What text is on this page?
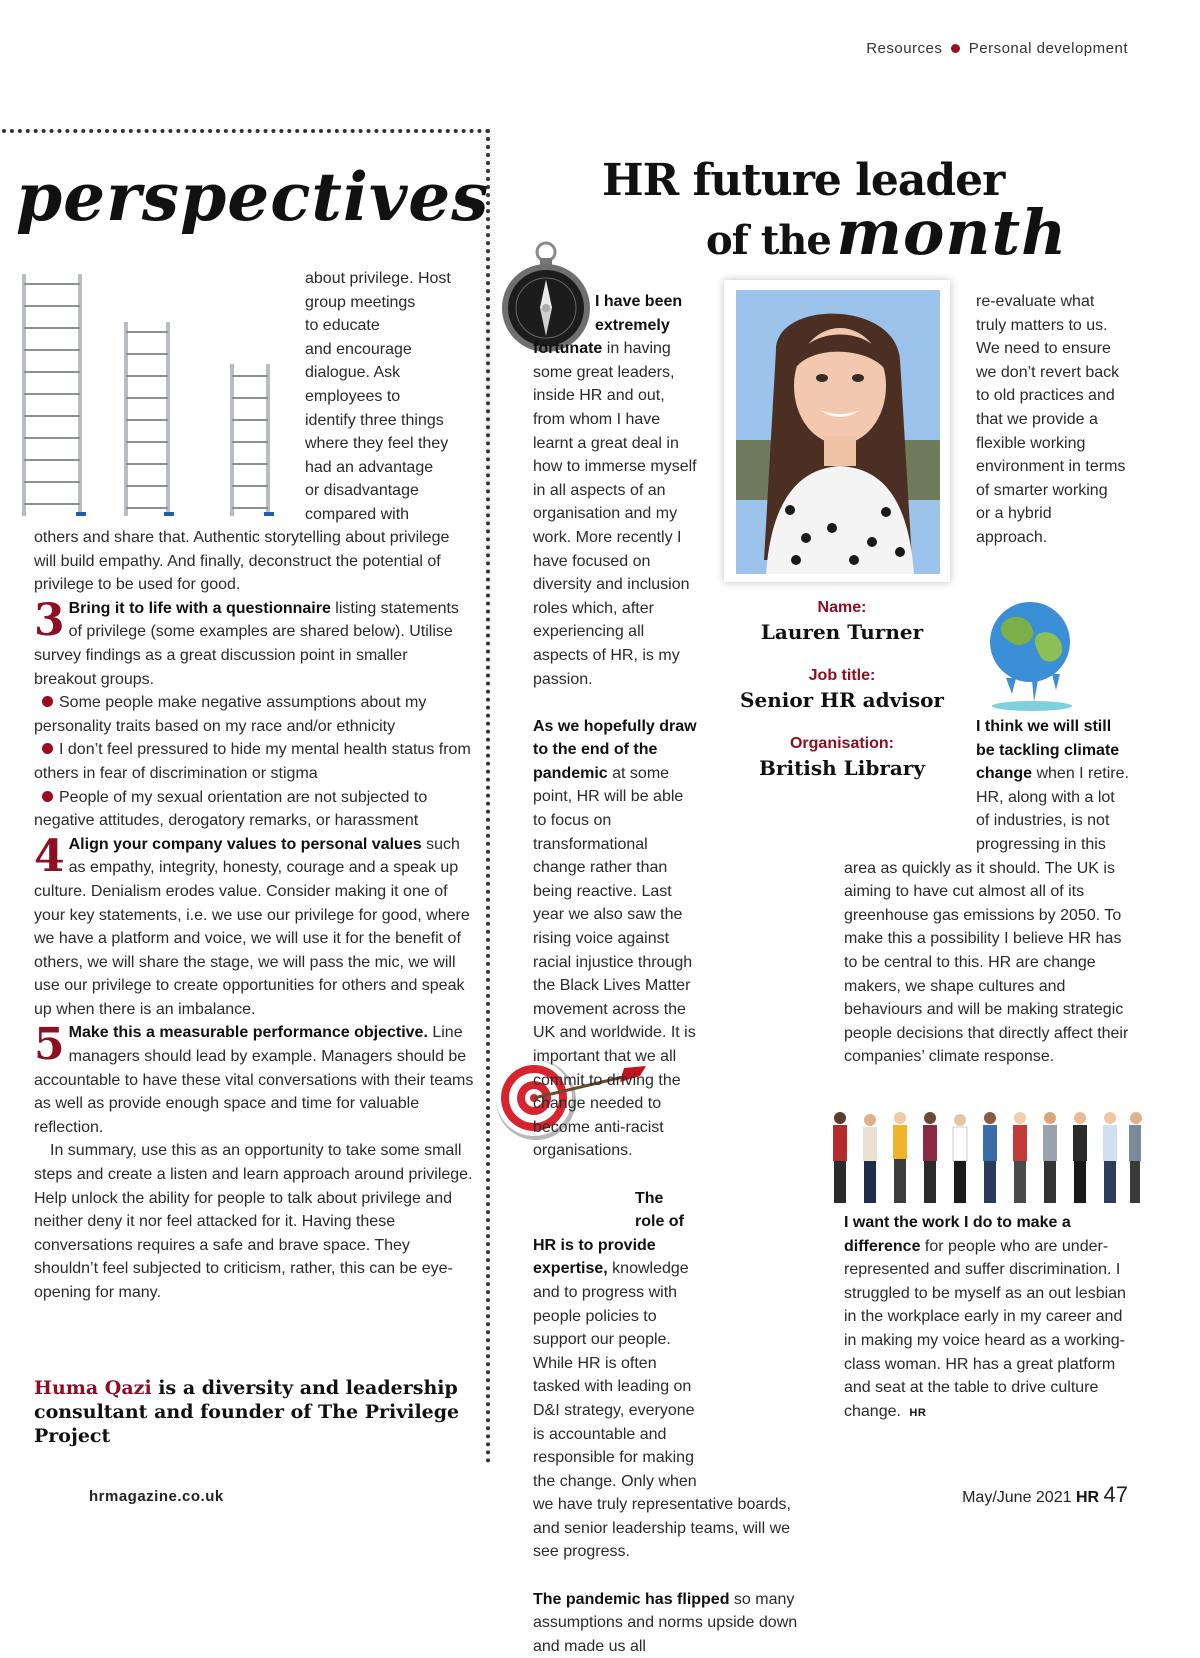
Resources Personal development
perspectives
about privilege. Host
group meetings
to educate
and encourage
dialogue. Ask
employees to
identify three things
where they feel they
had an advantage
or disadvantage
compared with

others and share that. Authentic storytelling about privilege will build empathy. And finally, deconstruct the potential of privilege to be used for good.

3 Bring it to life with a questionnaire listing statements of privilege (some examples are shared below). Utilise survey findings as a great discussion point in smaller breakout groups.

Some people make negative assumptions about my personality traits based on my race and/or ethnicity

I don’t feel pressured to hide my mental health status from others in fear of discrimination or stigma

People of my sexual orientation are not subjected to negative attitudes, derogatory remarks, or harassment

4 Align your company values to personal values such as empathy, integrity, honesty, courage and a speak up culture. Denialism erodes value. Consider making it one of your key statements, i.e. we use our privilege for good, where we have a platform and voice, we will use it for the benefit of others, we will share the stage, we will pass the mic, we will use our privilege to create opportunities for others and speak up when there is an imbalance.

5 Make this a measurable performance objective. Line managers should lead by example. Managers should be accountable to have these vital conversations with their teams as well as provide enough space and time for valuable reflection.

In summary, use this as an opportunity to take some small steps and create a listen and learn approach around privilege. Help unlock the ability for people to talk about privilege and neither deny it nor feel attacked for it. Having these conversations requires a safe and brave space. They shouldn’t feel subjected to criticism, rather, this can be eye-opening for many.

Huma Qazi is a diversity and leadership consultant and founder of The Privilege Project
HR future leader
of the month

I have been extremely fortunate in having some great leaders, inside HR and out, from whom I have learnt a great deal in how to immerse myself in all aspects of an organisation and my work. More recently I have focused on diversity and inclusion roles which, after experiencing all aspects of HR, is my passion.

As we hopefully draw to the end of the pandemic at some point, HR will be able to focus on transformational change rather than being reactive. Last year we also saw the rising voice against racial injustice through the Black Lives Matter movement across the UK and worldwide. It is important that we all commit to driving the change needed to become anti-racist organisations.

The role of HR is to provide expertise, knowledge and to progress with people policies to support our people. While HR is often tasked with leading on D&I strategy, everyone is accountable and responsible for making the change. Only when we have truly representative boards, and senior leadership teams, will we see progress.

The pandemic has flipped so many assumptions and norms upside down and made us all

Name:
Lauren Turner
Job title:
Senior HR advisor
Organisation:
British Library

re-evaluate what truly matters to us. We need to ensure we don’t revert back to old practices and that we provide a flexible working environment in terms of smarter working or a hybrid approach.

I think we will still be tackling climate change when I retire. HR, along with a lot of industries, is not progressing in this area as quickly as it should. The UK is aiming to have cut almost all of its greenhouse gas emissions by 2050. To make this a possibility I believe HR has to be central to this. HR are change makers, we shape cultures and behaviours and will be making strategic people decisions that directly affect their companies’ climate response.

I want the work I do to make a difference for people who are under-represented and suffer discrimination. I struggled to be myself as an out lesbian in the workplace early in my career and in making my voice heard as a working-class woman. HR has a great platform and seat at the table to drive culture change. HR

hrmagazine.co.uk	May/June 2021 HR 47
